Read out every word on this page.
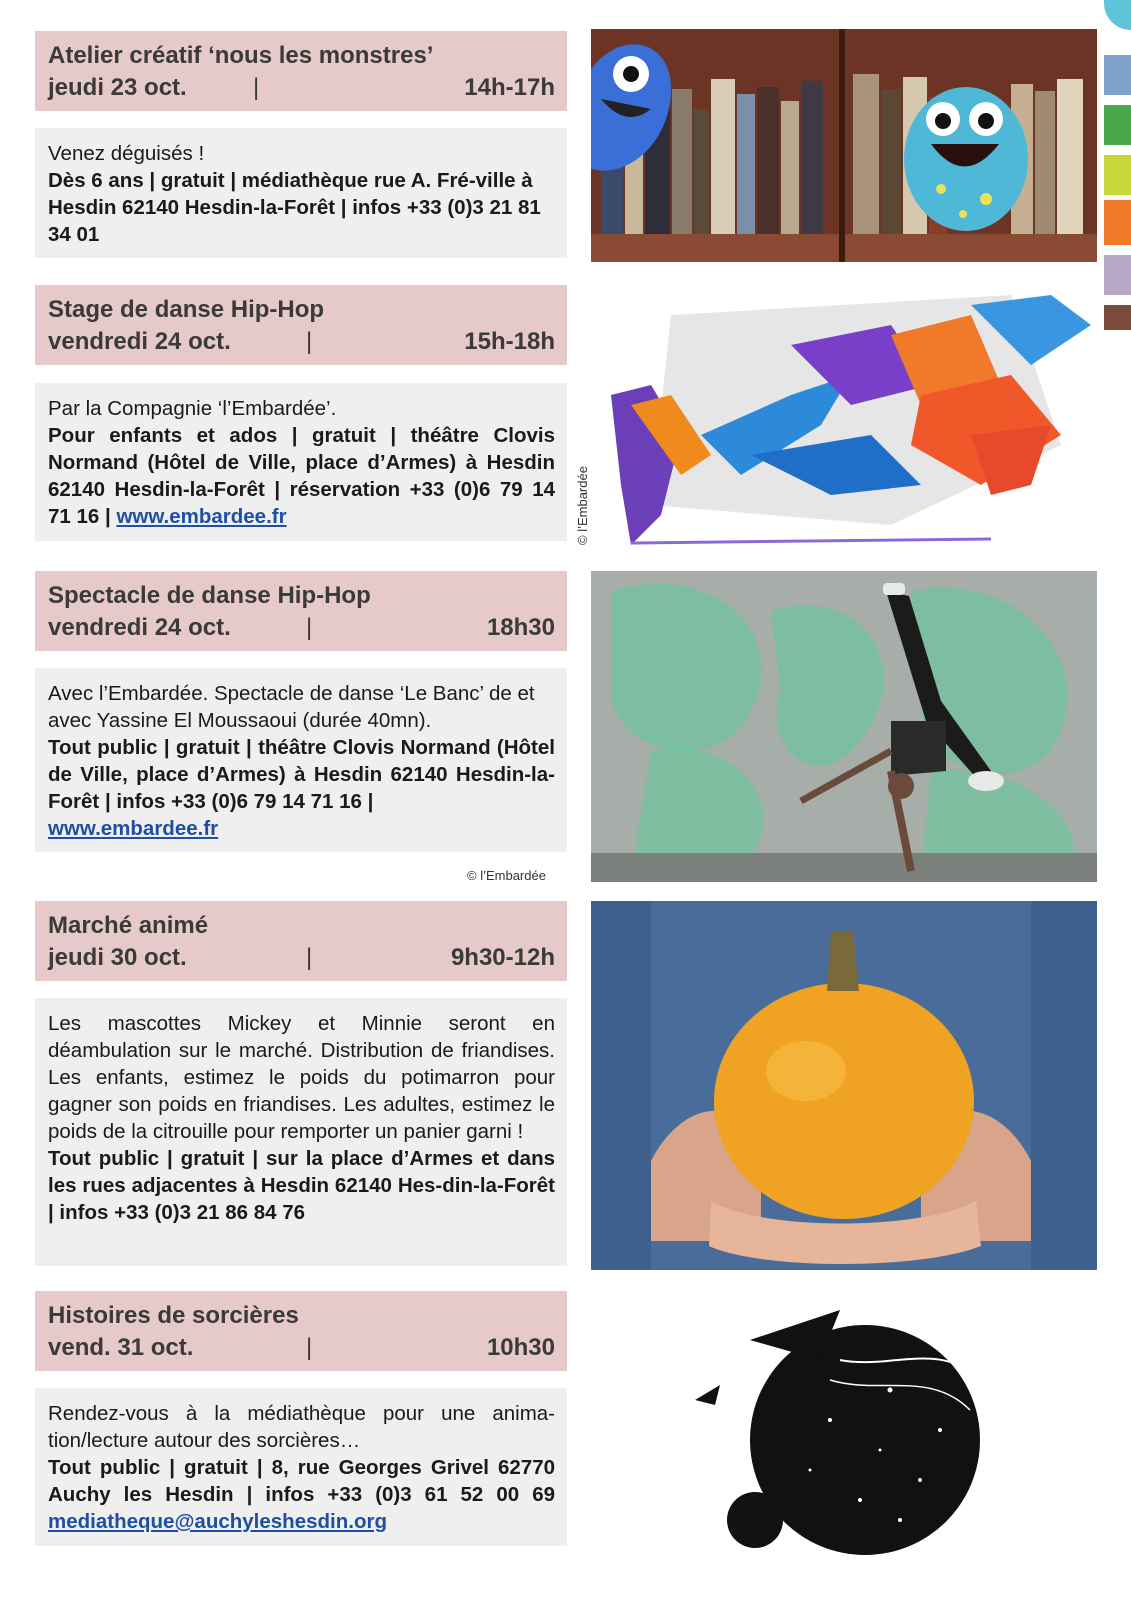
Atelier créatif ‘nous les monstres’
jeudi 23 oct.	|	14h-17h
Venez déguisés !
Dès 6 ans | gratuit | médiathèque rue A. Fré-ville à Hesdin 62140 Hesdin-la-Forêt | infos +33 (0)3 21 81 34 01
Stage de danse Hip-Hop
vendredi 24 oct.	|	15h-18h
Par la Compagnie ‘l’Embardée’.
Pour enfants et ados | gratuit | théâtre Clovis Normand (Hôtel de Ville, place d’Armes) à Hesdin 62140 Hesdin-la-Forêt | réservation +33 (0)6 79 14 71 16 | www.embardee.fr	© l’Embardée
Spectacle de danse Hip-Hop
vendredi 24 oct.	|	18h30
Avec l’Embardée. Spectacle de danse ‘Le Banc’ de et avec Yassine El Moussaoui (durée 40mn).
Tout public | gratuit | théâtre Clovis Normand (Hôtel de Ville, place d’Armes) à Hesdin 62140 Hesdin-la-Forêt | infos +33 (0)6 79 14 71 16 |
www.embardee.fr
© l’Embardée
Marché animé
jeudi 30 oct.	|	9h30-12h
Les mascottes Mickey et Minnie seront en déambulation sur le marché. Distribution de friandises. Les enfants, estimez le poids du potimarron pour gagner son poids en friandises. Les adultes, estimez le poids de la citrouille pour remporter un panier garni !
Tout public | gratuit | sur la place d’Armes et dans les rues adjacentes à Hesdin 62140 Hes-din-la-Forêt | infos +33 (0)3 21 86 84 76
Histoires de sorcières
vend. 31 oct.	|	10h30
Rendez-vous à la médiathèque pour une anima-tion/lecture autour des sorcières…
Tout public | gratuit | 8, rue Georges Grivel 62770 Auchy les Hesdin | infos +33 (0)3 61 52 00 69 mediatheque@auchyleshesdin.org
